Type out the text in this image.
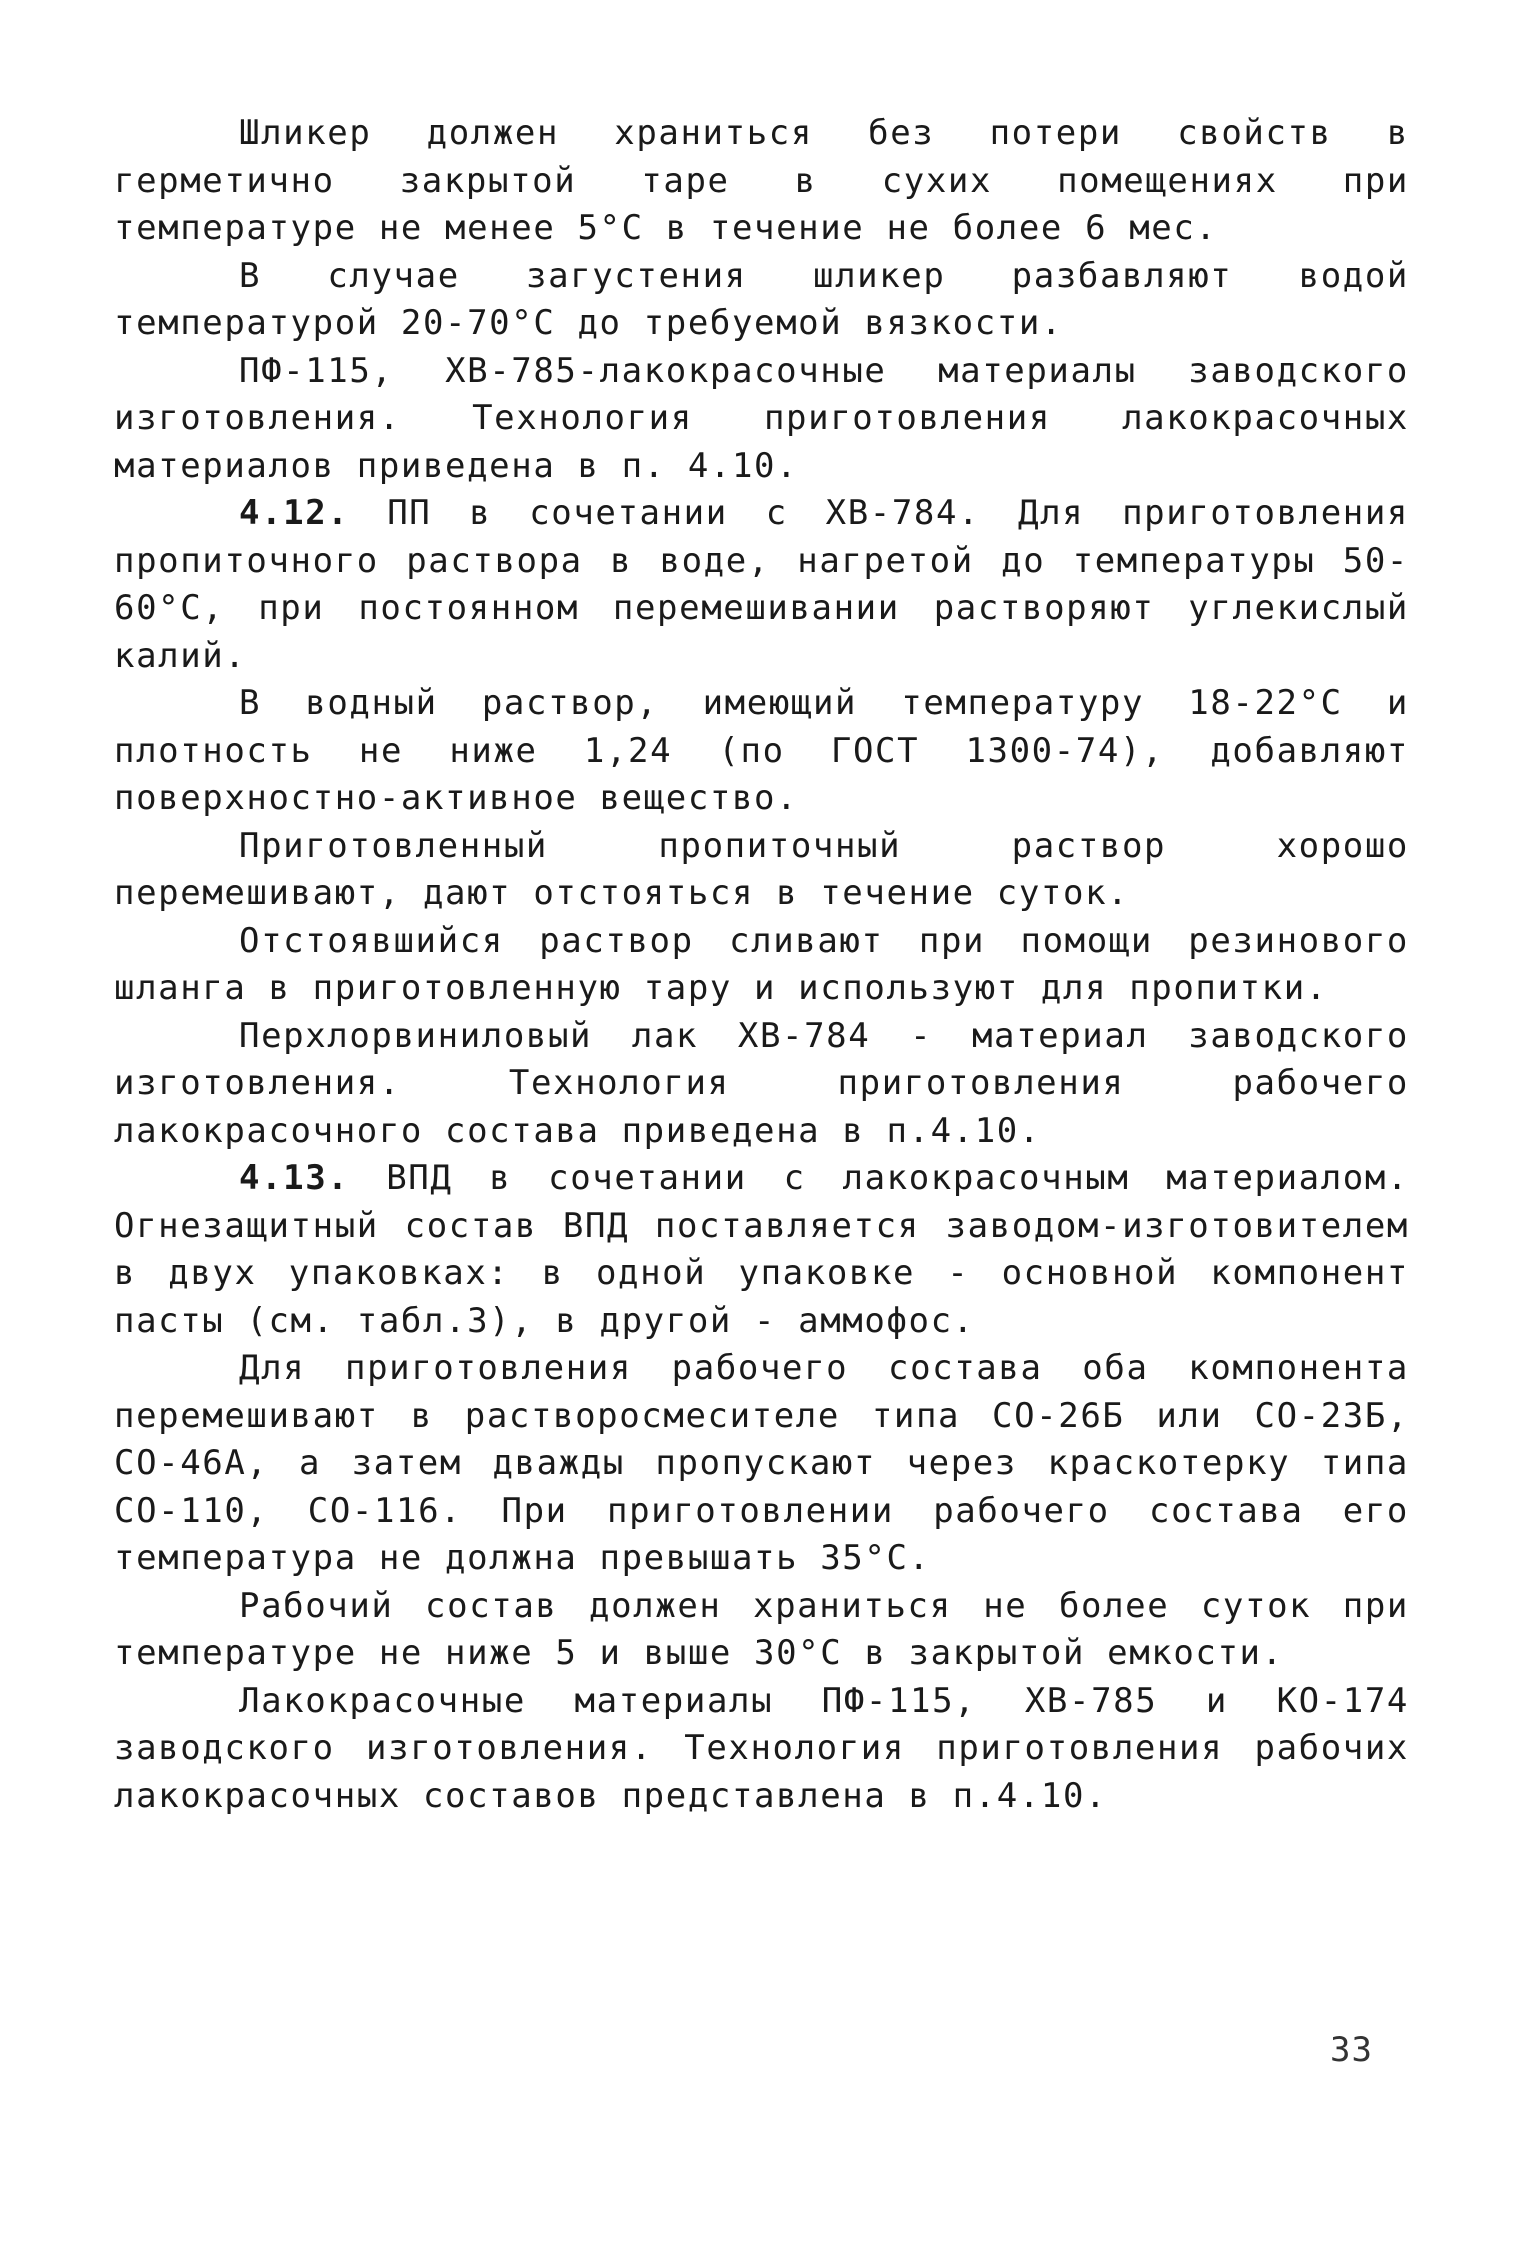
Шликер должен храниться без потери свойств в герметично закрытой таре в сухих помещениях при температуре не менее 5°С в течение не более 6 мес.

В случае загустения шликер разбавляют водой температурой 20-70°С до требуемой вязкости.

ПФ-115, ХВ-785-лакокрасочные материалы заводского изготовления. Технология приготовления лакокрасочных материалов приведена в п. 4.10.

4.12. ПП в сочетании с ХВ-784. Для приготовления пропиточного раствора в воде, нагретой до температуры 50-60°С, при постоянном перемешивании растворяют углекислый калий.

В водный раствор, имеющий температуру 18-22°С и плотность не ниже 1,24 (по ГОСТ 1300-74), добавляют поверхностно-активное вещество.

Приготовленный пропиточный раствор хорошо перемешивают, дают отстояться в течение суток.

Отстоявшийся раствор сливают при помощи резинового шланга в приготовленную тару и используют для пропитки.

Перхлорвиниловый лак ХВ-784 - материал заводского изготовления. Технология приготовления рабочего лакокрасочного состава приведена в п.4.10.

4.13. ВПД в сочетании с лакокрасочным материалом. Огнезащитный состав ВПД поставляется заводом-изготовителем в двух упаковках: в одной упаковке - основной компонент пасты (см. табл.3), в другой - аммофос.

Для приготовления рабочего состава оба компонента перемешивают в растворосмесителе типа СО-26Б или СО-23Б, СО-46А, а затем дважды пропускают через краскотерку типа СО-110, СО-116. При приготовлении рабочего состава его температура не должна превышать 35°С.

Рабочий состав должен храниться не более суток при температуре не ниже 5 и выше 30°С в закрытой емкости.

Лакокрасочные материалы ПФ-115, ХВ-785 и КО-174 заводского изготовления. Технология приготовления рабочих лакокрасочных составов представлена в п.4.10.

33
